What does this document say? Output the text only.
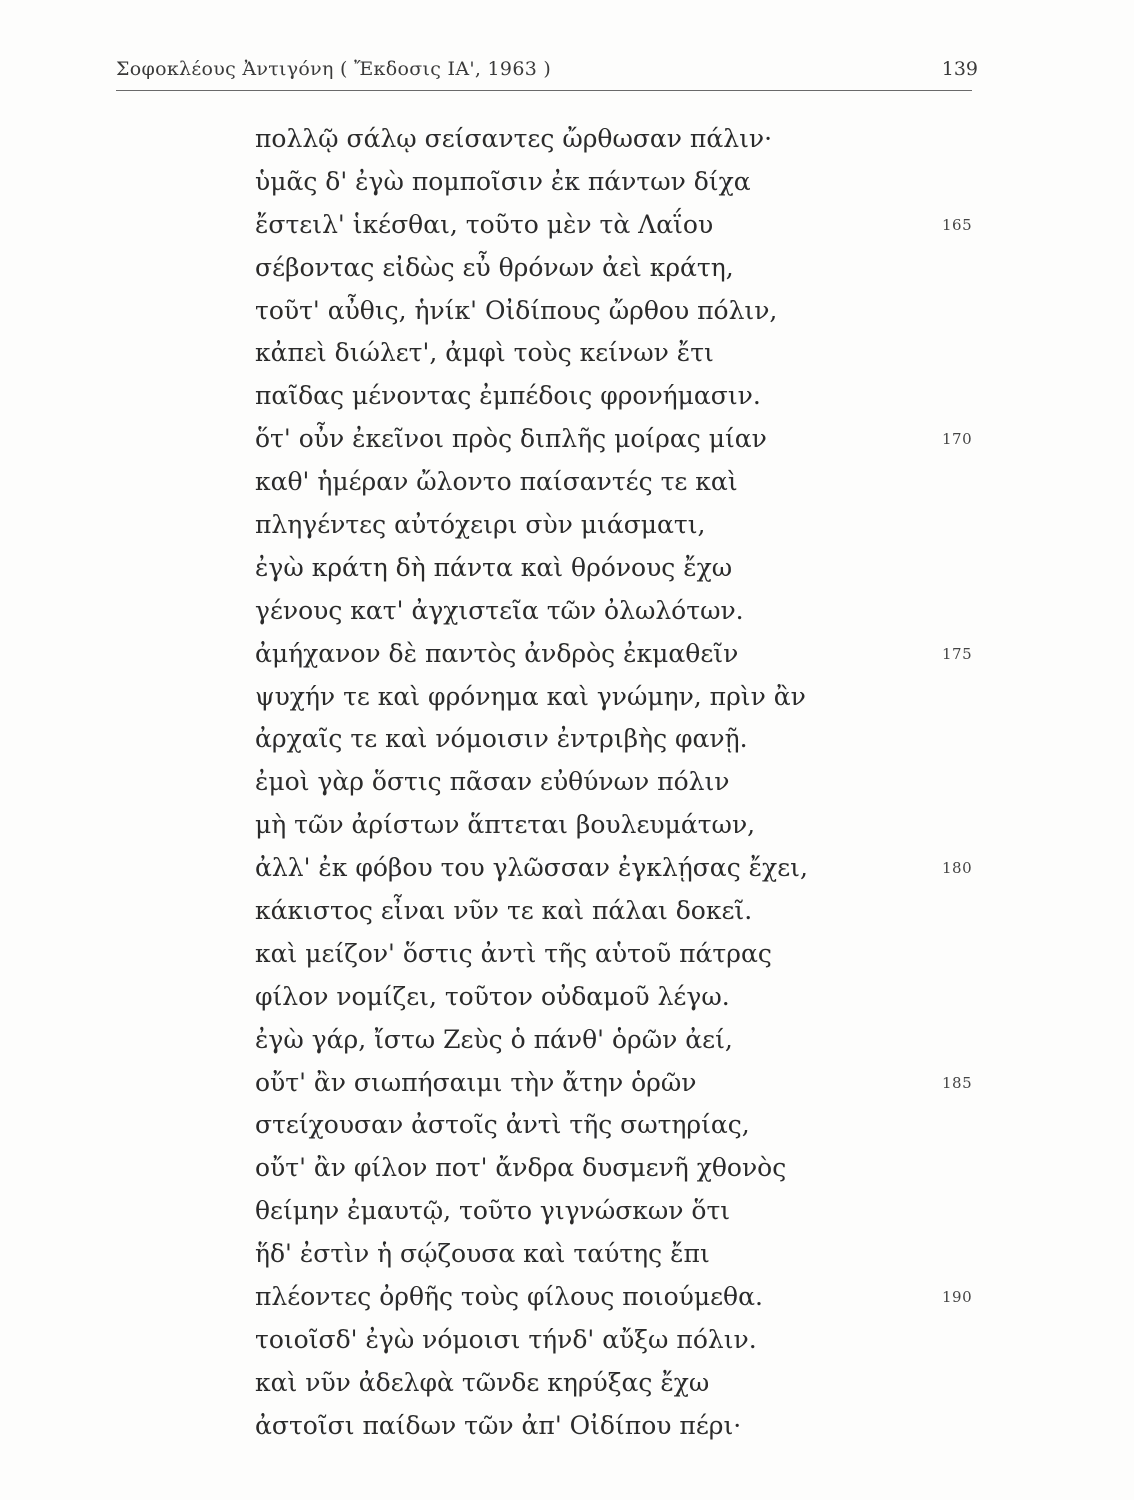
Σοφοκλέους Ἀντιγόνη ( Ἔκδοσις ΙΑ', 1963 )	139
πολλῷ σάλῳ σείσαντες ὤρθωσαν πάλιν·
ὑμᾶς δ' ἐγὼ πομποῖσιν ἐκ πάντων δίχα
ἔστειλ' ἱκέσθαι, τοῦτο μὲν τὰ Λαΐου	165
σέβοντας εἰδὼς εὖ θρόνων ἀεὶ κράτη,
τοῦτ' αὖθις, ἡνίκ' Οἰδίπους ὤρθου πόλιν,
κἀπεὶ διώλετ', ἀμφὶ τοὺς κείνων ἔτι
παῖδας μένοντας ἐμπέδοις φρονήμασιν.
ὅτ' οὖν ἐκεῖνοι πρὸς διπλῆς μοίρας μίαν	170
καθ' ἡμέραν ὤλοντο παίσαντές τε καὶ
πληγέντες αὐτόχειρι σὺν μιάσματι,
ἐγὼ κράτη δὴ πάντα καὶ θρόνους ἔχω
γένους κατ' ἀγχιστεῖα τῶν ὀλωλότων.
ἀμήχανον δὲ παντὸς ἀνδρὸς ἐκμαθεῖν	175
ψυχήν τε καὶ φρόνημα καὶ γνώμην, πρὶν ἂν
ἀρχαῖς τε καὶ νόμοισιν ἐντριβὴς φανῇ.
ἐμοὶ γὰρ ὅστις πᾶσαν εὐθύνων πόλιν
μὴ τῶν ἀρίστων ἅπτεται βουλευμάτων,
ἀλλ' ἐκ φόβου του γλῶσσαν ἐγκλῄσας ἔχει,	180
κάκιστος εἶναι νῦν τε καὶ πάλαι δοκεῖ.
καὶ μείζον' ὅστις ἀντὶ τῆς αὑτοῦ πάτρας
φίλον νομίζει, τοῦτον οὐδαμοῦ λέγω.
ἐγὼ γάρ, ἴστω Ζεὺς ὁ πάνθ' ὁρῶν ἀεί,
οὔτ' ἂν σιωπήσαιμι τὴν ἄτην ὁρῶν	185
στείχουσαν ἀστοῖς ἀντὶ τῆς σωτηρίας,
οὔτ' ἂν φίλον ποτ' ἄνδρα δυσμενῆ χθονὸς
θείμην ἐμαυτῷ, τοῦτο γιγνώσκων ὅτι
ἥδ' ἐστὶν ἡ σῴζουσα καὶ ταύτης ἔπι
πλέοντες ὀρθῆς τοὺς φίλους ποιούμεθα.	190
τοιοῖσδ' ἐγὼ νόμοισι τήνδ' αὔξω πόλιν.
καὶ νῦν ἀδελφὰ τῶνδε κηρύξας ἔχω
ἀστοῖσι παίδων τῶν ἀπ' Οἰδίπου πέρι·
